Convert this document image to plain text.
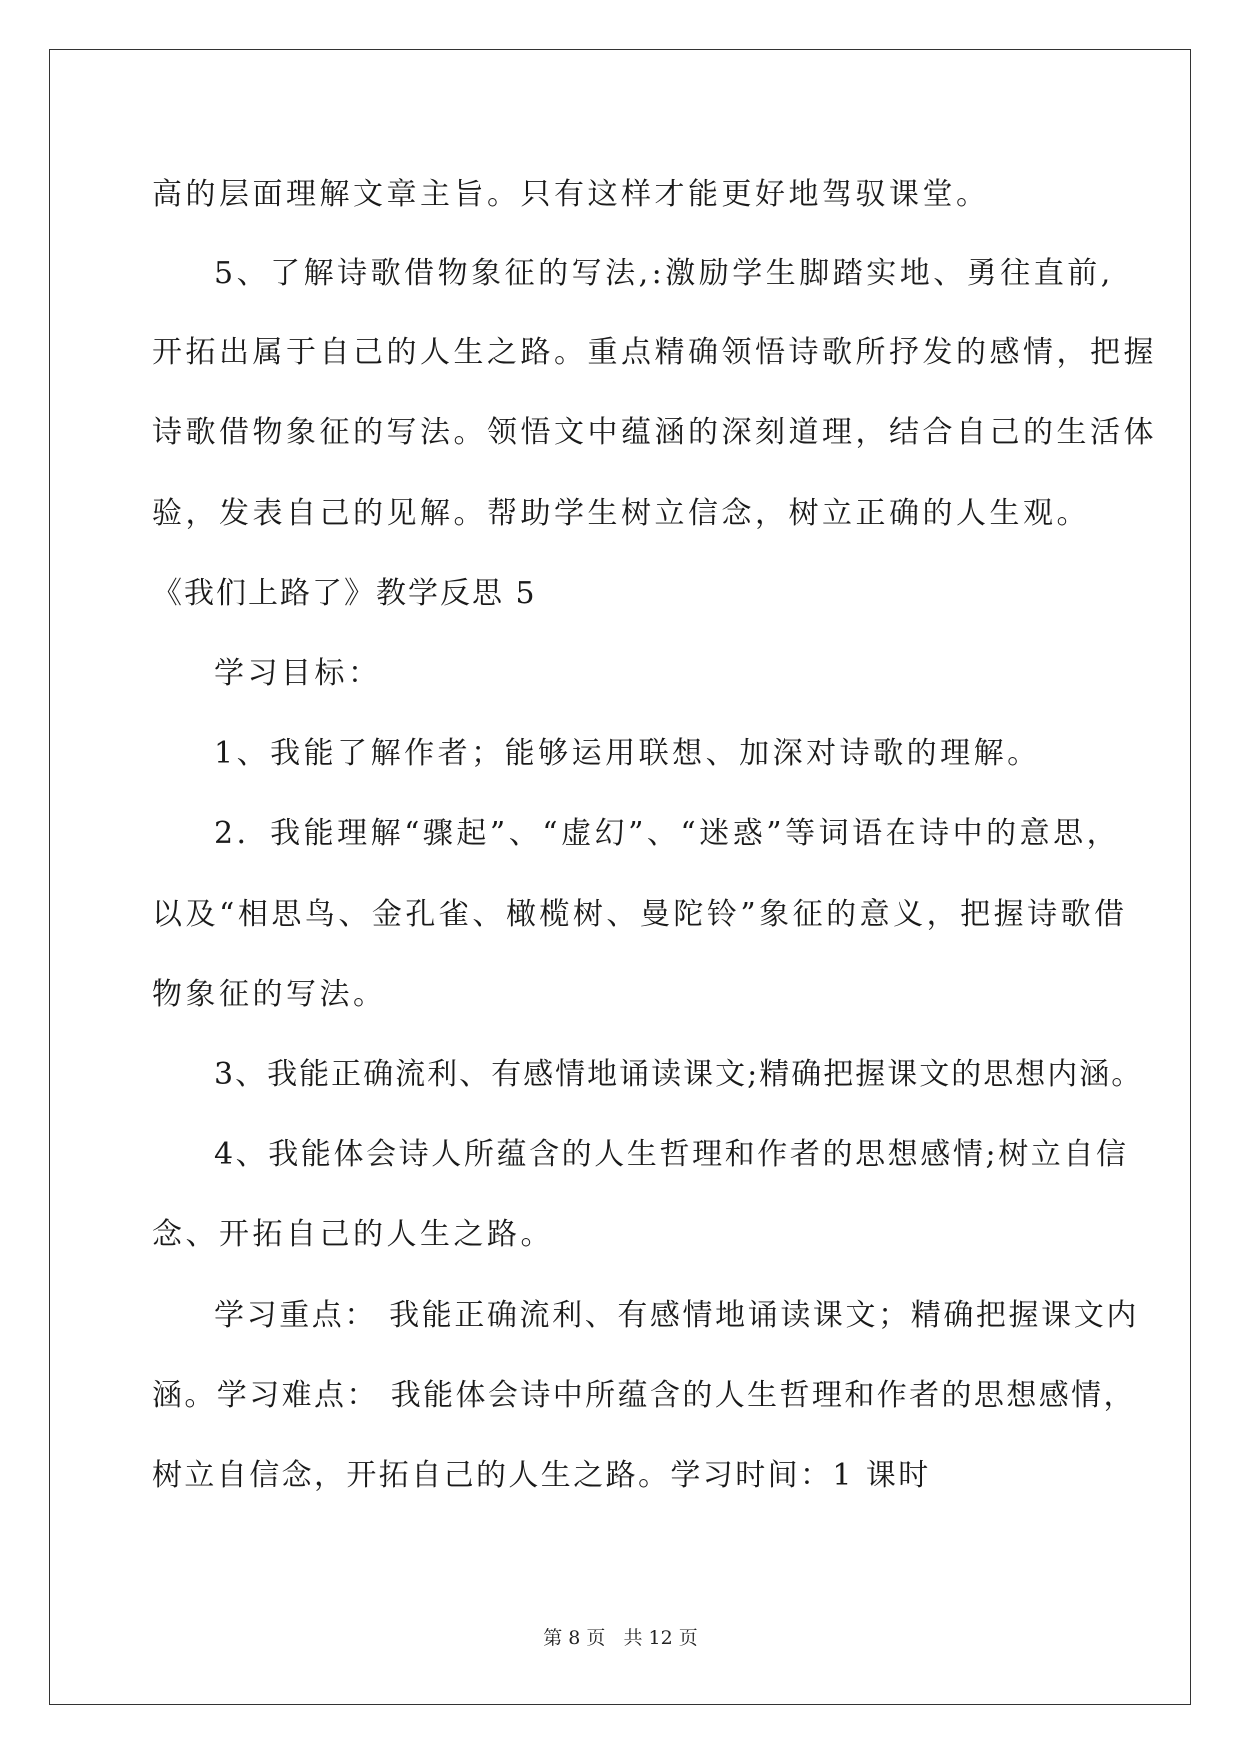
高的层面理解文章主旨。只有这样才能更好地驾驭课堂。

5、了解诗歌借物象征的写法,:激励学生脚踏实地、勇往直前,

开拓出属于自己的人生之路。重点精确领悟诗歌所抒发的感情，把握

诗歌借物象征的写法。领悟文中蕴涵的深刻道理，结合自己的生活体

验，发表自己的见解。帮助学生树立信念，树立正确的人生观。

《我们上路了》教学反思 5

学习目标：

1、我能了解作者；能够运用联想、加深对诗歌的理解。

2．我能理解“骤起”、“虚幻”、“迷惑”等词语在诗中的意思，

以及“相思鸟、金孔雀、橄榄树、曼陀铃”象征的意义，把握诗歌借

物象征的写法。

3、我能正确流利、有感情地诵读课文;精确把握课文的思想内涵。

4、我能体会诗人所蕴含的人生哲理和作者的思想感情;树立自信

念、开拓自己的人生之路。

学习重点： 我能正确流利、有感情地诵读课文；精确把握课文内

涵。学习难点： 我能体会诗中所蕴含的人生哲理和作者的思想感情，

树立自信念，开拓自己的人生之路。学习时间：1 课时

第 8 页   共 12 页
